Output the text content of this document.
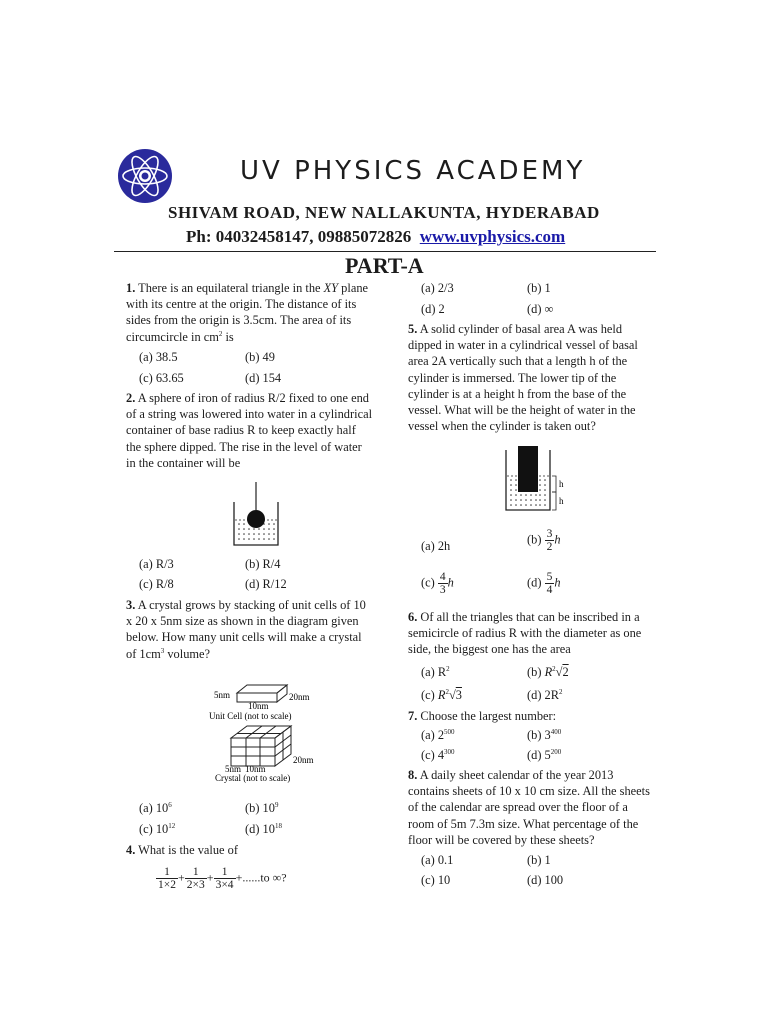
UV PHYSICS ACADEMY
SHIVAM ROAD, NEW NALLAKUNTA, HYDERABAD
Ph: 04032458147, 09885072826 www.uvphysics.com
PART-A
1. There is an equilateral triangle in the XY plane with its centre at the origin. The distance of its sides from the origin is 3.5cm. The area of its circumcircle in $cm^2$ is
(a) 38.5	(b) 49
(c) 63.65	(d) 154
2. A sphere of iron of radius R/2 fixed to one end of a string was lowered into water in a cylindrical container of base radius R to keep exactly half the sphere dipped. The rise in the level of water in the container will be
(a) R/3	(b) R/4
(c) R/8	(d) R/12
3. A crystal grows by stacking of unit cells of 10 x 20 x 5nm size as shown in the diagram given below. How many unit cells will make a crystal of $1cm^3$ volume?
5nm	20nm
10nm
Unit Cell (not to scale)
20nm
5nm 10nm
Crystal (not to scale)
(a) $10^6$	(b) $10^9$
(c) $10^{12}$	(d) $10^{18}$
4. What is the value of
$\frac{1}{1\times 2} + \frac{1}{2\times 3} + \frac{1}{3\times 4} +......to$ ∞?
(a) 2/3	(b) 1
(d) 2	(d) ∞
5. A solid cylinder of basal area A was held dipped in water in a cylindrical vessel of basal area 2A vertically such that a length h of the cylinder is immersed. The lower tip of the cylinder is at a height h from the base of the vessel. What will be the height of water in the vessel when the cylinder is taken out?
h
h
(a) 2h	$(b) \frac{3}{2}$ h
$(c) \frac{4}{3}$ h	$(d) \frac{5}{4}$ h
6. Of all the triangles that can be inscribed in a semicircle of radius R with the diameter as one side, the biggest one has the area
(a) $R^2$	(b) $R^2√2$
(c) $R^2√3$	(d) $2R^2$
7. Choose the largest number:
(a) $2^{500}$	(b) $3^{400}$
(c) $4^{300}$	(d) $5^{200}$
8. A daily sheet calendar of the year 2013 contains sheets of 10 x 10 cm size. All the sheets of the calendar are spread over the floor of a room of 5m 7.3m size. What percentage of the floor will be covered by these sheets?
(a) 0.1	(b) 1
(c) 10	(d) 100
